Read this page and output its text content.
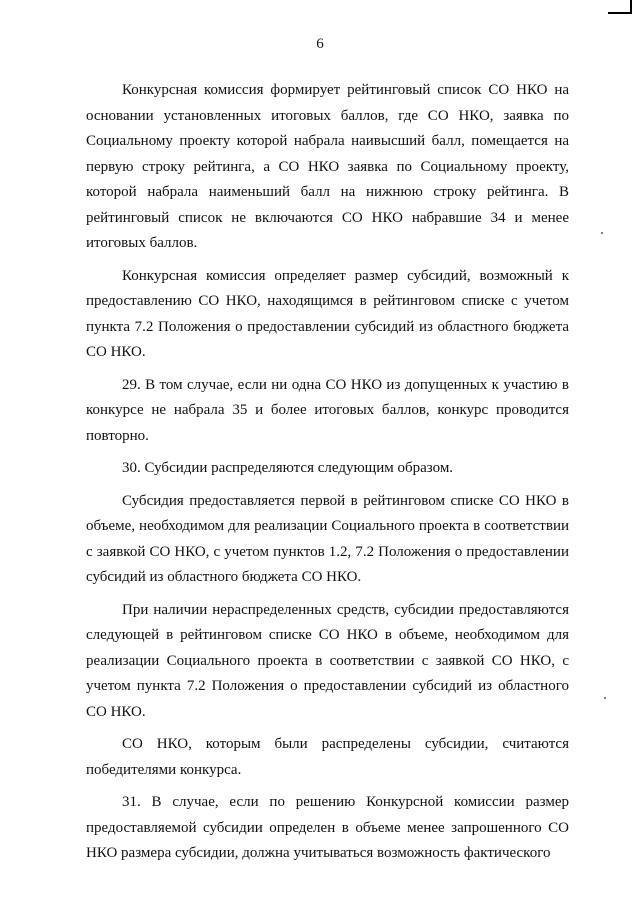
6

Конкурсная комиссия формирует рейтинговый список СО НКО на основании установленных итоговых баллов, где СО НКО, заявка по Социальному проекту которой набрала наивысший балл, помещается на первую строку рейтинга, а СО НКО заявка по Социальному проекту, которой набрала наименьший балл на нижнюю строку рейтинга. В рейтинговый список не включаются СО НКО набравшие 34 и менее итоговых баллов.

Конкурсная комиссия определяет размер субсидий, возможный к предоставлению СО НКО, находящимся в рейтинговом списке с учетом пункта 7.2 Положения о предоставлении субсидий из областного бюджета СО НКО.

29. В том случае, если ни одна СО НКО из допущенных к участию в конкурсе не набрала 35 и более итоговых баллов, конкурс проводится повторно.

30. Субсидии распределяются следующим образом.

Субсидия предоставляется первой в рейтинговом списке СО НКО в объеме, необходимом для реализации Социального проекта в соответствии с заявкой СО НКО, с учетом пунктов 1.2, 7.2 Положения о предоставлении субсидий из областного бюджета СО НКО.

При наличии нераспределенных средств, субсидии предоставляются следующей в рейтинговом списке СО НКО в объеме, необходимом для реализации Социального проекта в соответствии с заявкой СО НКО, с учетом пункта 7.2 Положения о предоставлении субсидий из областного СО НКО.

СО НКО, которым были распределены субсидии, считаются победителями конкурса.

31. В случае, если по решению Конкурсной комиссии размер предоставляемой субсидии определен в объеме менее запрошенного СО НКО размера субсидии, должна учитываться возможность фактического
